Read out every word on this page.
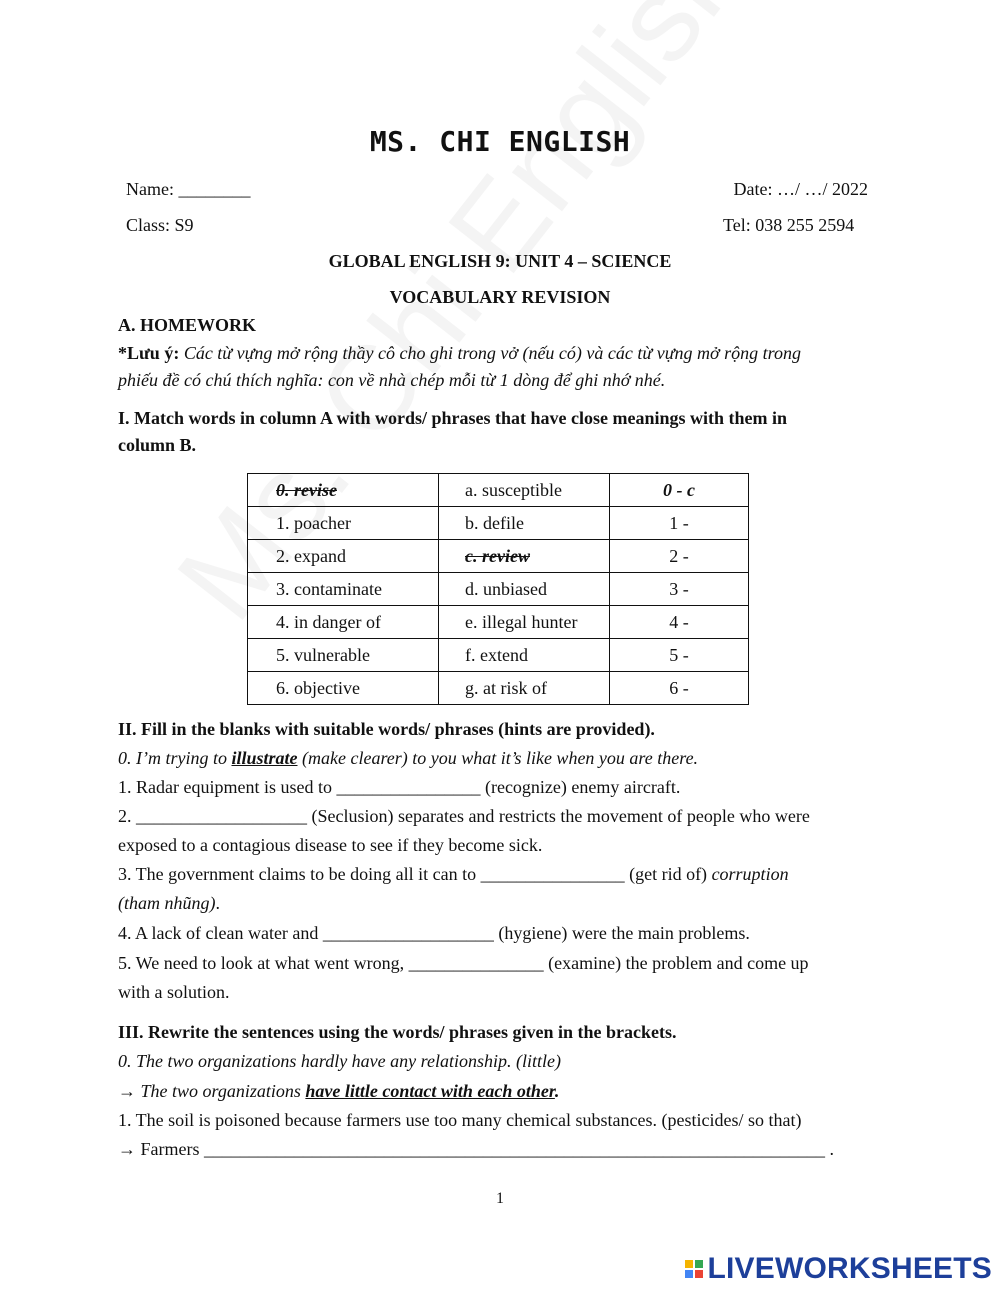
MS. CHI ENGLISH
Name: ________	Date: …/ …/ 2022
Class: S9	Tel: 038 255 2594
GLOBAL ENGLISH 9: UNIT 4 – SCIENCE
VOCABULARY REVISION
A. HOMEWORK
*Lưu ý: Các từ vựng mở rộng thầy cô cho ghi trong vở (nếu có) và các từ vựng mở rộng trong
phiếu đề có chú thích nghĩa: con về nhà chép mỗi từ 1 dòng để ghi nhớ nhé.
I. Match words in column A with words/ phrases that have close meanings with them in
column B.
0. revise	a. susceptible	0 - c
1. poacher	b. defile	1 -
2. expand	c. review	2 -
3. contaminate	d. unbiased	3 -
4. in danger of	e. illegal hunter	4 -
5. vulnerable	f. extend	5 -
6. objective	g. at risk of	6 -
II. Fill in the blanks with suitable words/ phrases (hints are provided).
0. I’m trying to illustrate (make clearer) to you what it’s like when you are there.
1. Radar equipment is used to ________________ (recognize) enemy aircraft.
2. ___________________ (Seclusion) separates and restricts the movement of people who were
exposed to a contagious disease to see if they become sick.
3. The government claims to be doing all it can to ________________ (get rid of) corruption
(tham nhũng).
4. A lack of clean water and ___________________ (hygiene) were the main problems.
5. We need to look at what went wrong, _______________ (examine) the problem and come up
with a solution.
III. Rewrite the sentences using the words/ phrases given in the brackets.
0. The two organizations hardly have any relationship. (little)
→ The two organizations have little contact with each other.
1. The soil is poisoned because farmers use too many chemical substances. (pesticides/ so that)
→ Farmers _____________________________________________________________________ .
1
LIVEWORKSHEETS
